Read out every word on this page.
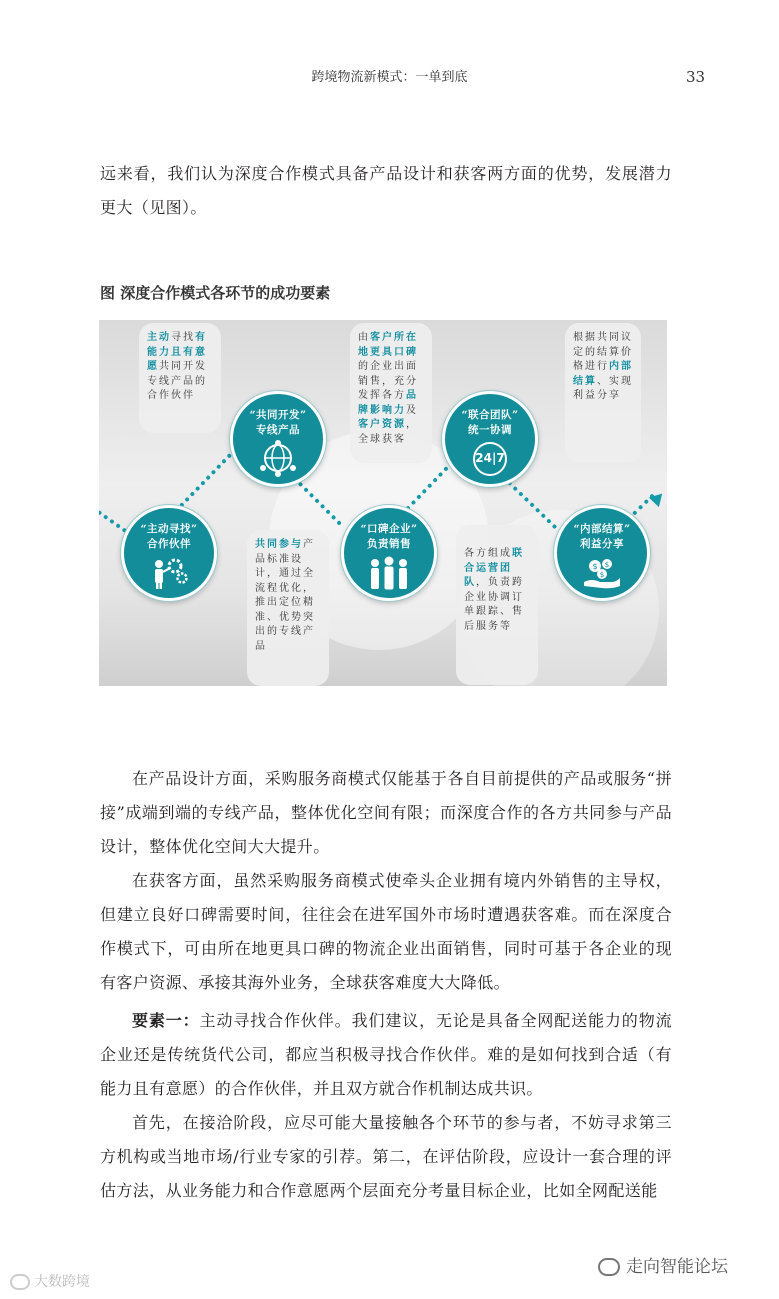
跨境物流新模式：一单到底	33
远来看，我们认为深度合作模式具备产品设计和获客两方面的优势，发展潜力更大（见图）。
图 深度合作模式各环节的成功要素
主动寻找有能力且有意愿共同开发专线产品的合作伙伴
共同参与产品标准设计，通过全流程优化，推出定位精准、优势突出的专线产品
由客户所在地更具口碑的企业出面销售，充分发挥各方品牌影响力及客户资源，全球获客
各方组成联合运营团队，负责跨企业协调订单跟踪、售后服务等
根据共同议定的结算价格进行内部结算、实现利益分享
“主动寻找”
合作伙伴
“共同开发”
专线产品
“口碑企业”
负责销售
“联合团队”
统一协调
24|7
“内部结算”
利益分享
$ $
$
在产品设计方面，采购服务商模式仅能基于各自目前提供的产品或服务“拼接”成端到端的专线产品，整体优化空间有限；而深度合作的各方共同参与产品设计，整体优化空间大大提升。
在获客方面，虽然采购服务商模式使牵头企业拥有境内外销售的主导权，但建立良好口碑需要时间，往往会在进军国外市场时遭遇获客难。而在深度合作模式下，可由所在地更具口碑的物流企业出面销售，同时可基于各企业的现有客户资源、承接其海外业务，全球获客难度大大降低。
要素一：主动寻找合作伙伴。我们建议，无论是具备全网配送能力的物流企业还是传统货代公司，都应当积极寻找合作伙伴。难的是如何找到合适（有能力且有意愿）的合作伙伴，并且双方就合作机制达成共识。
首先，在接洽阶段，应尽可能大量接触各个环节的参与者，不妨寻求第三方机构或当地市场/行业专家的引荐。第二，在评估阶段，应设计一套合理的评估方法，从业务能力和合作意愿两个层面充分考量目标企业，比如全网配送能
大数跨境
走向智能论坛
